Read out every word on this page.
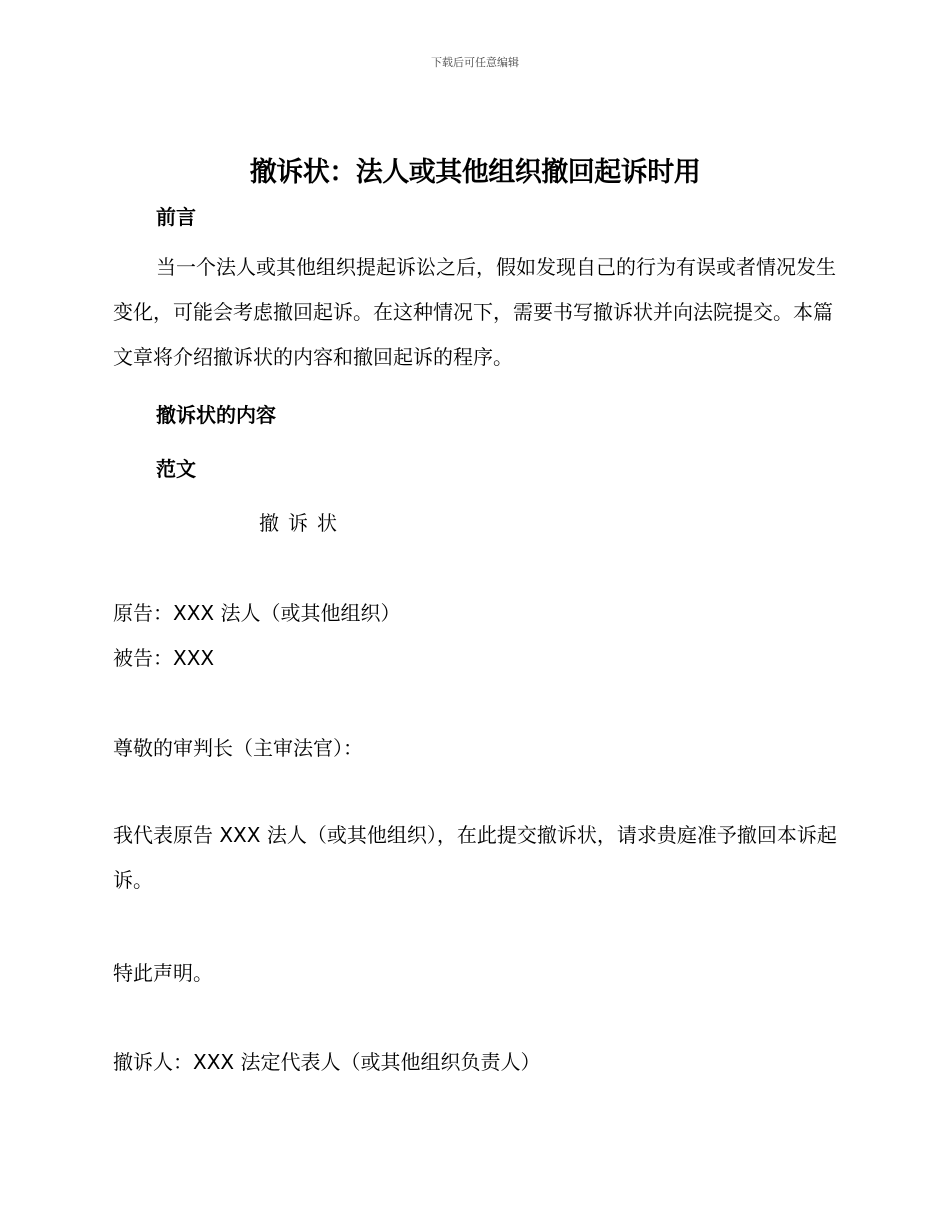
下载后可任意编辑
撤诉状：法人或其他组织撤回起诉时用
前言
当一个法人或其他组织提起诉讼之后，假如发现自己的行为有误或者情况发生变化，可能会考虑撤回起诉。在这种情况下，需要书写撤诉状并向法院提交。本篇文章将介绍撤诉状的内容和撤回起诉的程序。
撤诉状的内容
范文
撤诉状
原告：XXX 法人（或其他组织）
被告：XXX
尊敬的审判长（主审法官）：
我代表原告 XXX 法人（或其他组织），在此提交撤诉状，请求贵庭准予撤回本诉起诉。
特此声明。
撤诉人：XXX 法定代表人（或其他组织负责人）
